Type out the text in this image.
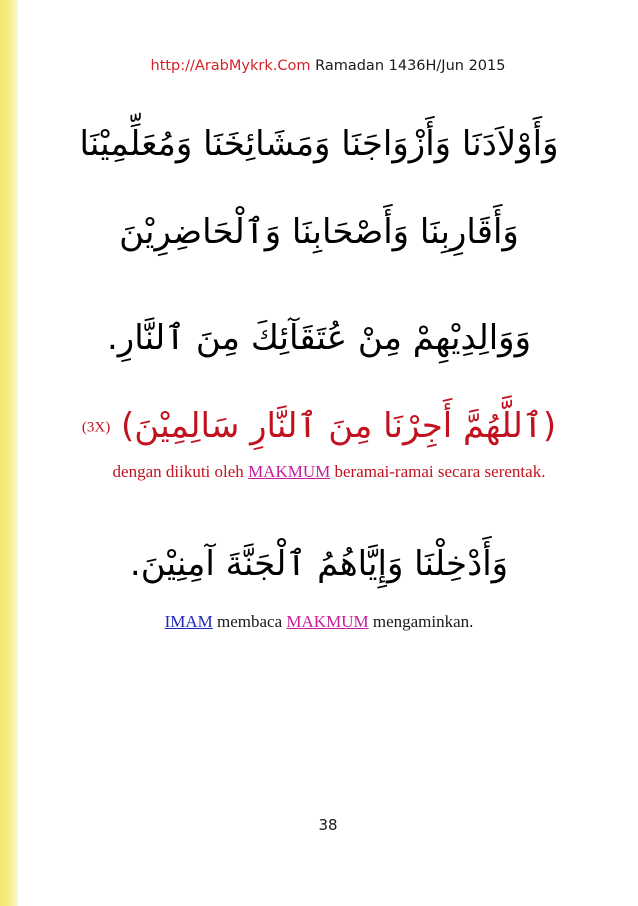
http://ArabMykrk.Com Ramadan 1436H/Jun 2015
وَأَوْلاَدَنَا وَأَزْوَاجَنَا وَمَشَائِخَنَا وَمُعَلِّمِيْنَا
وَأَقَارِبِنَا وَأَصْحَابِنَا وَٱلْحَاضِرِيْنَ
وَوَالِدِيْهِمْ مِنْ عُتَقَآئِكَ مِنَ ٱلنَّارِ.
(ٱللَّهُمَّ أَجِرْنَا مِنَ ٱلنَّارِ سَالِمِيْنَ) (3X)
dengan diikuti oleh MAKMUM beramai-ramai secara serentak.
وَأَدْخِلْنَا وَإِيَّاهُمُ ٱلْجَنَّةَ آمِنِيْنَ.
IMAM membaca MAKMUM mengaminkan.
38
